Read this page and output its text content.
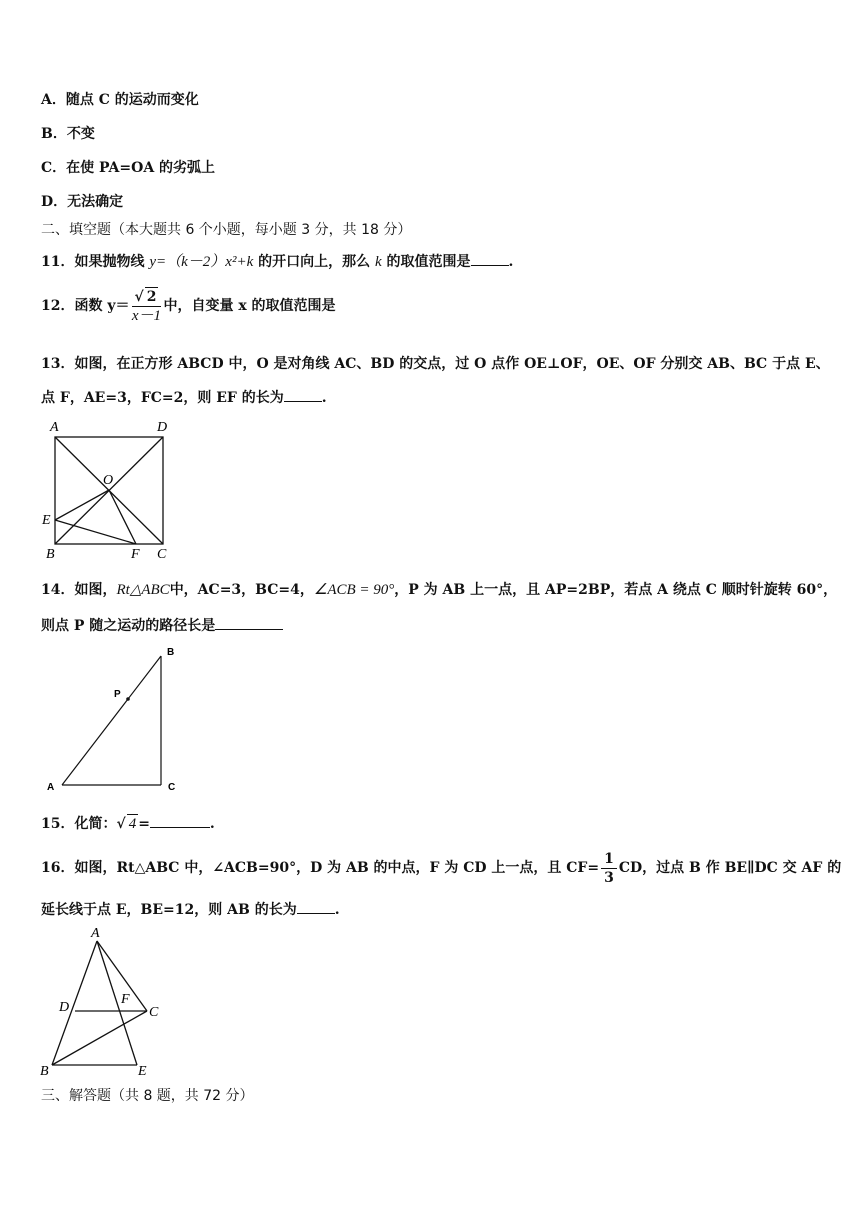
A．随点 C 的运动而变化
B．不变
C．在使 PA=OA 的劣弧上
D．无法确定
二、填空题（本大题共 6 个小题，每小题 3 分，共 18 分）
11．如果抛物线 y=（k－2）x²+k 的开口向上，那么 k 的取值范围是	.
12．函数 $y= \frac{√ 2}{x-1}$ 中，自变量 x 的取值范围是
13．如图，在正方形 ABCD 中，O 是对角线 AC、BD 的交点，过 O 点作 OE⊥OF，OE、OF 分别交 AB、BC 于点 E、
点 F，AE=3，FC=2，则 EF 的长为	.
A	D
O
E
B	F C
14．如图，Rt△ABC中，AC=3，BC=4，∠ACB = 90°，P 为 AB 上一点，且 AP=2BP，若点 A 绕点 C 顺时针旋转 60°，
则点 P 随之运动的路径长是
B
P
A	C
15．化简：√ 4 =	.
16．如图，Rt△ABC 中，∠ACB=90°，D 为 AB 的中点，F 为 CD 上一点，且 $CF= \frac{1}{3}$ CD，过点 B 作 BE∥DC 交 AF 的
延长线于点 E，BE=12，则 AB 的长为	.
A
D
F
C
B	E
三、解答题（共 8 题，共 72 分）
